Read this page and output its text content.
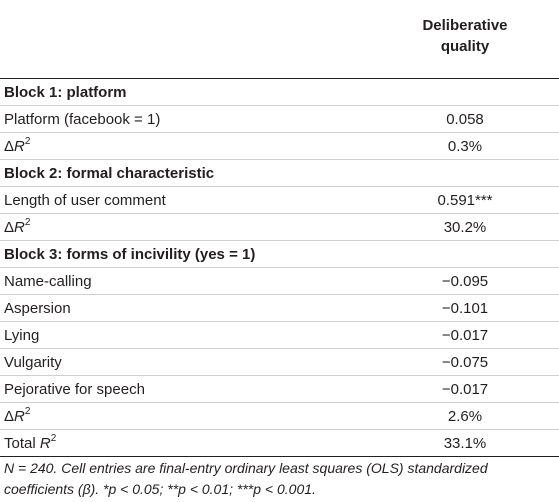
Deliberative
quality
Block 1: platform
Platform (facebook = 1)	0.058
$\Delta R^2$	0.3%
Block 2: formal characteristic
Length of user comment	0.591***
$\Delta R^2$	30.2%
Block 3: forms of incivility (yes = 1)
Name-calling	−0.095
Aspersion	−0.101
Lying	−0.017
Vulgarity	−0.075
Pejorative for speech	−0.017
$\Delta R^2$	2.6%
Total $R^2$	33.1%
N = 240. Cell entries are final-entry ordinary least squares (OLS) standardized coefficients (β). *p < 0.05; **p < 0.01; ***p < 0.001.
